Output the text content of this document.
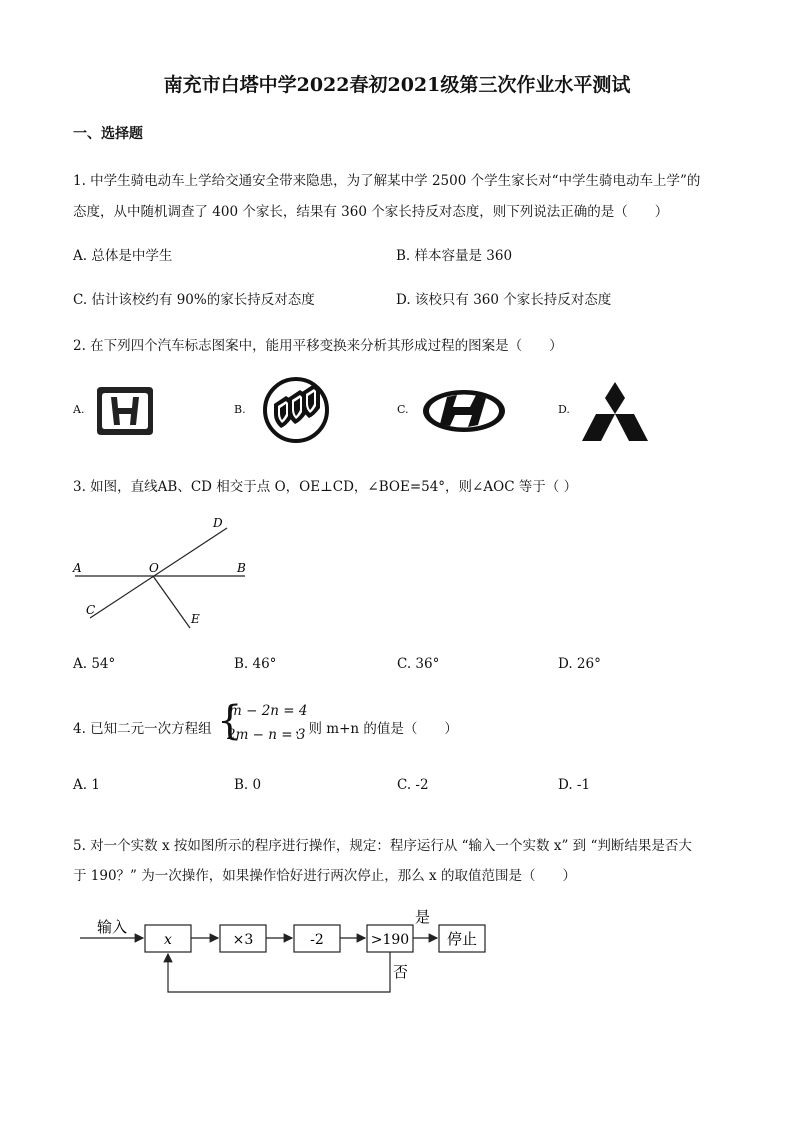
南充市白塔中学2022春初2021级第三次作业水平测试
一、选择题
1. 中学生骑电动车上学给交通安全带来隐患，为了解某中学 2500 个学生家长对“中学生骑电动车上学”的
态度，从中随机调查了 400 个家长，结果有 360 个家长持反对态度，则下列说法正确的是（　　）
A. 总体是中学生	B. 样本容量是 360
C. 估计该校约有 90%的家长持反对态度	D. 该校只有 360 个家长持反对态度
2. 在下列四个汽车标志图案中，能用平移变换来分析其形成过程的图案是（　　）
A.	B.	C.	D.
3. 如图，直线AB、CD 相交于点 O，OE⊥CD，∠BOE=54°，则∠AOC 等于（ ）
A	B
O
D
C
E
A. 54°	B. 46°	C. 36°	D. 26°
4. 已知二元一次方程组 {
m − 2n = 4
2m − n = 3
，则 m+n 的值是（　　）
A. 1	B. 0	C. -2	D. -1
5. 对一个实数 x 按如图所示的程序进行操作，规定：程序运行从 “输入一个实数 x” 到 “判断结果是否大
于 190？” 为一次操作，如果操作恰好进行两次停止，那么 x 的取值范围是（　　）
输入
x	×3	-2	>190
是
停止
否
